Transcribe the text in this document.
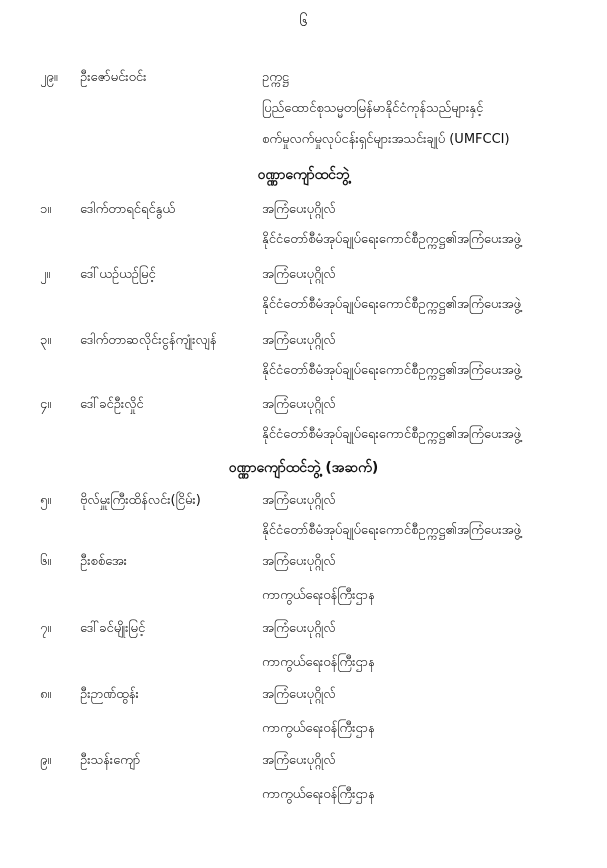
၆
၂၉။ ဦးဇော်မင်းဝင်း	ဥက္ကဋ္ဌ
ပြည်ထောင်စုသမ္မတမြန်မာနိုင်ငံကုန်သည်များနှင့်
စက်မှုလက်မှုလုပ်ငန်းရှင်များအသင်းချုပ် (UMFCCI)
ဝဏ္ဏာကျော်ထင်ဘွဲ့
၁။ ဒေါက်တာရင်ရင်နွယ်	အကြံပေးပုဂ္ဂိုလ်
နိုင်ငံတော်စီမံအုပ်ချုပ်ရေးကောင်စီဥက္ကဋ္ဌ၏အကြံပေးအဖွဲ့
၂။ ဒေါ်ယဉ်ယဉ်မြင့်	အကြံပေးပုဂ္ဂိုလ်
နိုင်ငံတော်စီမံအုပ်ချုပ်ရေးကောင်စီဥက္ကဋ္ဌ၏အကြံပေးအဖွဲ့
၃။ ဒေါက်တာဆလိုင်းငွန်ကျုံးလျန်	အကြံပေးပုဂ္ဂိုလ်
နိုင်ငံတော်စီမံအုပ်ချုပ်ရေးကောင်စီဥက္ကဋ္ဌ၏အကြံပေးအဖွဲ့
၄။ ဒေါ်ခင်ဦးလှိုင်	အကြံပေးပုဂ္ဂိုလ်
နိုင်ငံတော်စီမံအုပ်ချုပ်ရေးကောင်စီဥက္ကဋ္ဌ၏အကြံပေးအဖွဲ့
ဝဏ္ဏာကျော်ထင်ဘွဲ့ (အဆက်)
၅။ ဗိုလ်မှူးကြီးထိန်လင်း(ငြိမ်း)	အကြံပေးပုဂ္ဂိုလ်
နိုင်ငံတော်စီမံအုပ်ချုပ်ရေးကောင်စီဥက္ကဋ္ဌ၏အကြံပေးအဖွဲ့
၆။ ဦးစစ်အေး	အကြံပေးပုဂ္ဂိုလ်
ကာကွယ်ရေးဝန်ကြီးဌာန
၇။ ဒေါ်ခင်မျိုးမြင့်	အကြံပေးပုဂ္ဂိုလ်
ကာကွယ်ရေးဝန်ကြီးဌာန
၈။ ဦးဉာဏ်ထွန်း	အကြံပေးပုဂ္ဂိုလ်
ကာကွယ်ရေးဝန်ကြီးဌာန
၉။ ဦးသန်းကျော်	အကြံပေးပုဂ္ဂိုလ်
ကာကွယ်ရေးဝန်ကြီးဌာန
